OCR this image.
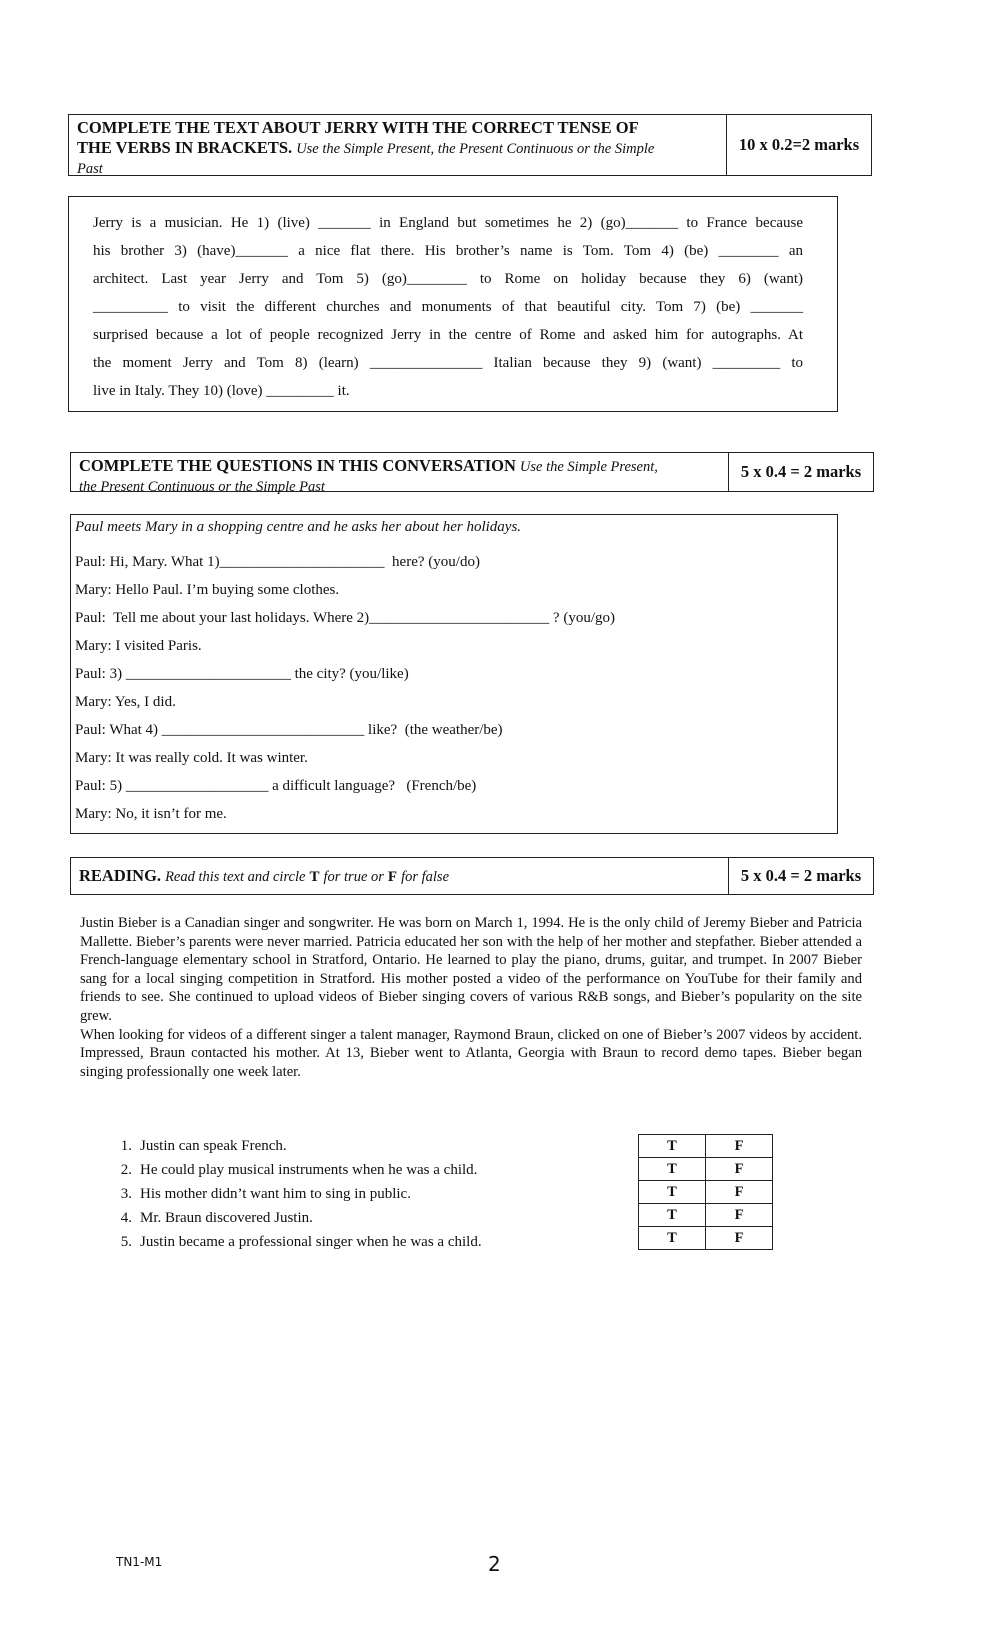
COMPLETE THE TEXT ABOUT JERRY WITH THE CORRECT TENSE OF
THE VERBS IN BRACKETS. Use the Simple Present, the Present Continuous or the Simple
Past
10 x 0.2=2 marks

Jerry is a musician. He 1) (live) _______ in England but sometimes he 2) (go)_______ to France because

his brother 3) (have)_______ a nice flat there. His brother’s name is Tom. Tom 4) (be) ________ an

architect. Last year Jerry and Tom 5) (go)________ to Rome on holiday because they 6) (want)

__________ to visit the different churches and monuments of that beautiful city. Tom 7) (be) _______

surprised because a lot of people recognized Jerry in the centre of Rome and asked him for autographs. At

the moment Jerry and Tom 8) (learn) _______________ Italian because they 9) (want) _________ to

live in Italy. They 10) (love) _________ it.

COMPLETE THE QUESTIONS IN THIS CONVERSATION Use the Simple Present,
the Present Continuous or the Simple Past
5 x 0.4 = 2 marks
Paul meets Mary in a shopping centre and he asks her about her holidays.
Paul: Hi, Mary. What 1)______________________  here? (you/do)
Mary: Hello Paul. I’m buying some clothes.
Paul:  Tell me about your last holidays. Where 2)________________________ ? (you/go)
Mary: I visited Paris.
Paul: 3) ______________________ the city? (you/like)
Mary: Yes, I did.
Paul: What 4) ___________________________ like?  (the weather/be)
Mary: It was really cold. It was winter.
Paul: 5) ___________________ a difficult language?   (French/be)
Mary: No, it isn’t for me.
READING. Read this text and circle T for true or F for false	5 x 0.4 = 2 marks

Justin Bieber is a Canadian singer and songwriter. He was born on March 1, 1994. He is the only child of Jeremy Bieber and Patricia Mallette. Bieber’s parents were never married. Patricia educated her son with the help of her mother and stepfather. Bieber attended a French-language elementary school in Stratford, Ontario. He learned to play the piano, drums, guitar, and trumpet. In 2007 Bieber sang for a local singing competition in Stratford. His mother posted a video of the performance on YouTube for their family and friends to see. She continued to upload videos of Bieber singing covers of various R&B songs, and Bieber’s popularity on the site grew.

When looking for videos of a different singer a talent manager, Raymond Braun, clicked on one of Bieber’s 2007 videos by accident. Impressed, Braun contacted his mother. At 13, Bieber went to Atlanta, Georgia with Braun to record demo tapes. Bieber began singing professionally one week later.

1. Justin can speak French.
2. He could play musical instruments when he was a child.
3. His mother didn’t want him to sing in public.
4. Mr. Braun discovered Justin.
5. Justin became a professional singer when he was a child.
T	F
T	F
T	F
T	F
T	F
TN1-M1	2
